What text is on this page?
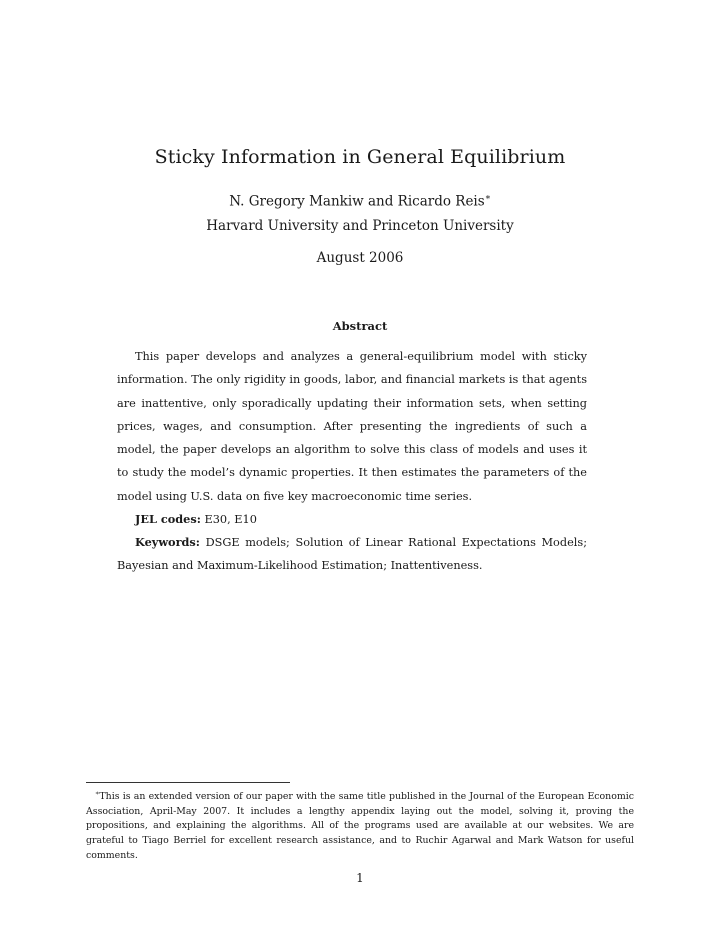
Sticky Information in General Equilibrium
N. Gregory Mankiw and Ricardo Reis∗
Harvard University and Princeton University
August 2006
Abstract

This paper develops and analyzes a general-equilibrium model with sticky information. The only rigidity in goods, labor, and financial markets is that agents are inattentive, only sporadically updating their information sets, when setting prices, wages, and consumption. After presenting the ingredients of such a model, the paper develops an algorithm to solve this class of models and uses it to study the model’s dynamic properties. It then estimates the parameters of the model using U.S. data on five key macroeconomic time series.

JEL codes: E30, E10

Keywords: DSGE models; Solution of Linear Rational Expectations Models; Bayesian and Maximum-Likelihood Estimation; Inattentiveness.

∗This is an extended version of our paper with the same title published in the Journal of the European Economic Association, April-May 2007. It includes a lengthy appendix laying out the model, solving it, proving the propositions, and explaining the algorithms. All of the programs used are available at our websites. We are grateful to Tiago Berriel for excellent research assistance, and to Ruchir Agarwal and Mark Watson for useful comments.

1
